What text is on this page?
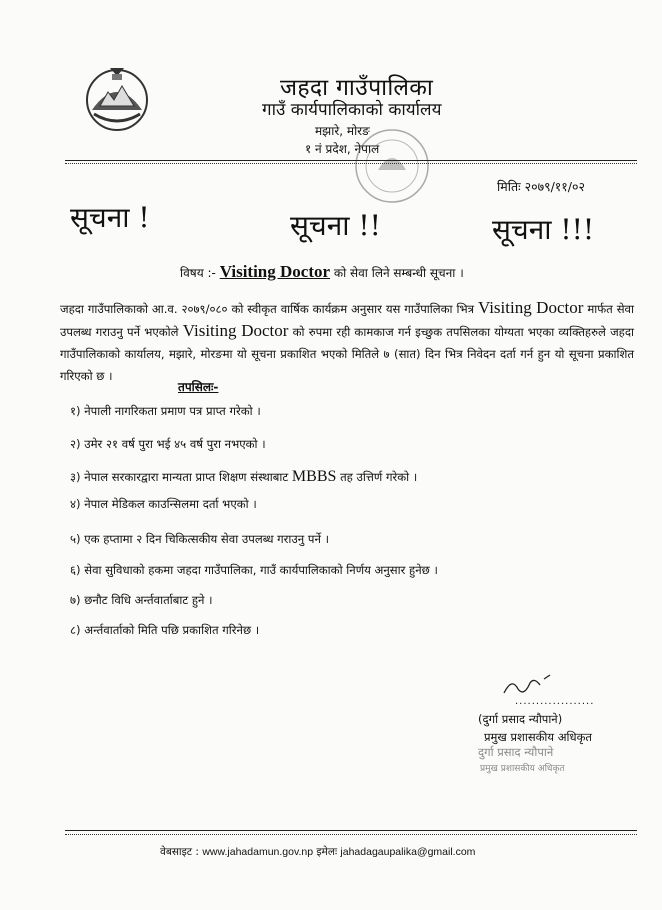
जहदा गाउँपालिका
गाउँ कार्यपालिकाको कार्यालय
मझारे, मोरङ
१ नं प्रदेश, नेपाल
मितिः २०७९/११/०२
सूचना !	सूचना !!	सूचना !!!
विषय :- Visiting Doctor को सेवा लिने सम्बन्धी सूचना ।
जहदा गाउँपालिकाको आ.व. २०७९/०८० को स्वीकृत वार्षिक कार्यक्रम अनुसार यस गाउँपालिका भित्र Visiting Doctor मार्फत सेवा उपलब्ध गराउनु पर्ने भएकोले Visiting Doctor को रुपमा रही कामकाज गर्न इच्छुक तपसिलका योग्यता भएका व्यक्तिहरुले जहदा गाउँपालिकाको कार्यालय, मझारे, मोरङमा यो सूचना प्रकाशित भएको मितिले ७ (सात) दिन भित्र निवेदन दर्ता गर्न हुन यो सूचना प्रकाशित गरिएको छ ।
तपसिलः-
१) नेपाली नागरिकता प्रमाण पत्र प्राप्त गरेको ।
२) उमेर २१ वर्ष पुरा भई ४५ वर्ष पुरा नभएको ।
३) नेपाल सरकारद्वारा मान्यता प्राप्त शिक्षण संस्थाबाट MBBS तह उत्तिर्ण गरेको ।
४) नेपाल मेडिकल काउन्सिलमा दर्ता भएको ।
५) एक हप्तामा २ दिन चिकित्सकीय सेवा उपलब्ध गराउनु पर्ने ।
६) सेवा सुविधाको हकमा जहदा गाउँपालिका, गाउँ कार्यपालिकाको निर्णय अनुसार हुनेछ ।
७) छनौट विधि अर्न्तवार्ताबाट हुने ।
८) अर्न्तवार्ताको मिति पछि प्रकाशित गरिनेछ ।
...................
(दुर्गा प्रसाद न्यौपाने)
प्रमुख प्रशासकीय अधिकृत
दुर्गा प्रसाद न्यौपाने
प्रमुख प्रशासकीय अधिकृत
वेबसाइट : www.jahadamun.gov.np इमेलः jahadagaupalika@gmail.com
